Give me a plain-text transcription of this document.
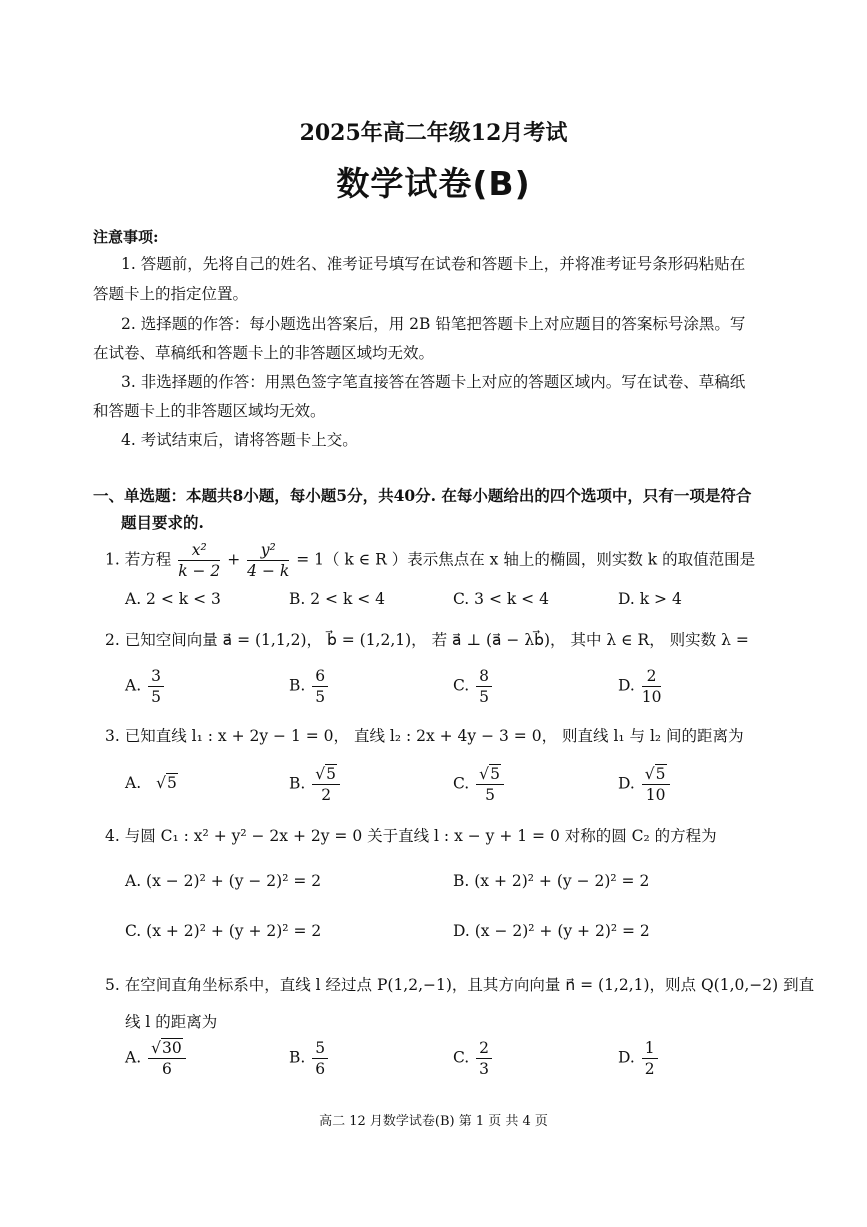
2025年高二年级12月考试
数学试卷(B)
注意事项:
1. 答题前，先将自己的姓名、准考证号填写在试卷和答题卡上，并将准考证号条形码粘贴在
答题卡上的指定位置。
2. 选择题的作答：每小题选出答案后，用 2B 铅笔把答题卡上对应题目的答案标号涂黑。写
在试卷、草稿纸和答题卡上的非答题区域均无效。
3. 非选择题的作答：用黑色签字笔直接答在答题卡上对应的答题区域内。写在试卷、草稿纸
和答题卡上的非答题区域均无效。
4. 考试结束后，请将答题卡上交。
一、单选题：本题共8小题，每小题5分，共40分. 在每小题给出的四个选项中，只有一项是符合
题目要求的.
1. 若方程 $\frac{\text{x²}}{k - 2} + \frac{\text{y²}}{4 - k} = 1$（ k ∈ R ）表示焦点在 x 轴上的椭圆，则实数 k 的取值范围是
A. 2 < k < 3	B. 2 < k < 4	C. 3 < k < 4	D. k > 4
2. 已知空间向量 a⃗ = (1,1,2)， b⃗ = (1,2,1)， 若 a⃗ ⊥ (a⃗ − λb⃗)， 其中 λ ∈ R， 则实数 λ =
A. $\frac{3}{5}$	B. $\frac{6}{5}$	C. $\frac{8}{5}$	D. $\frac{2}{10}$
3. 已知直线 l₁ : x + 2y − 1 = 0， 直线 l₂ : 2x + 4y − 3 = 0， 则直线 l₁ 与 l₂ 间的距离为
A. √5	B. $\frac{√5}{2}$	C. $\frac{√5}{5}$	D. $\frac{√5}{10}$
4. 与圆 C₁ : x² + y² − 2x + 2y = 0 关于直线 l : x − y + 1 = 0 对称的圆 C₂ 的方程为
A. (x − 2)² + (y − 2)² = 2	B. (x + 2)² + (y − 2)² = 2
C. (x + 2)² + (y + 2)² = 2	D. (x − 2)² + (y + 2)² = 2
5. 在空间直角坐标系中，直线 l 经过点 P(1,2,−1)，且其方向向量 n⃗ = (1,2,1)，则点 Q(1,0,−2) 到直
线 l 的距离为
A. $\frac{√30}{6}$	B. $\frac{5}{6}$	C. $\frac{2}{3}$	D. $\frac{1}{2}$
高二 12 月数学试卷(B) 第 1 页 共 4 页
